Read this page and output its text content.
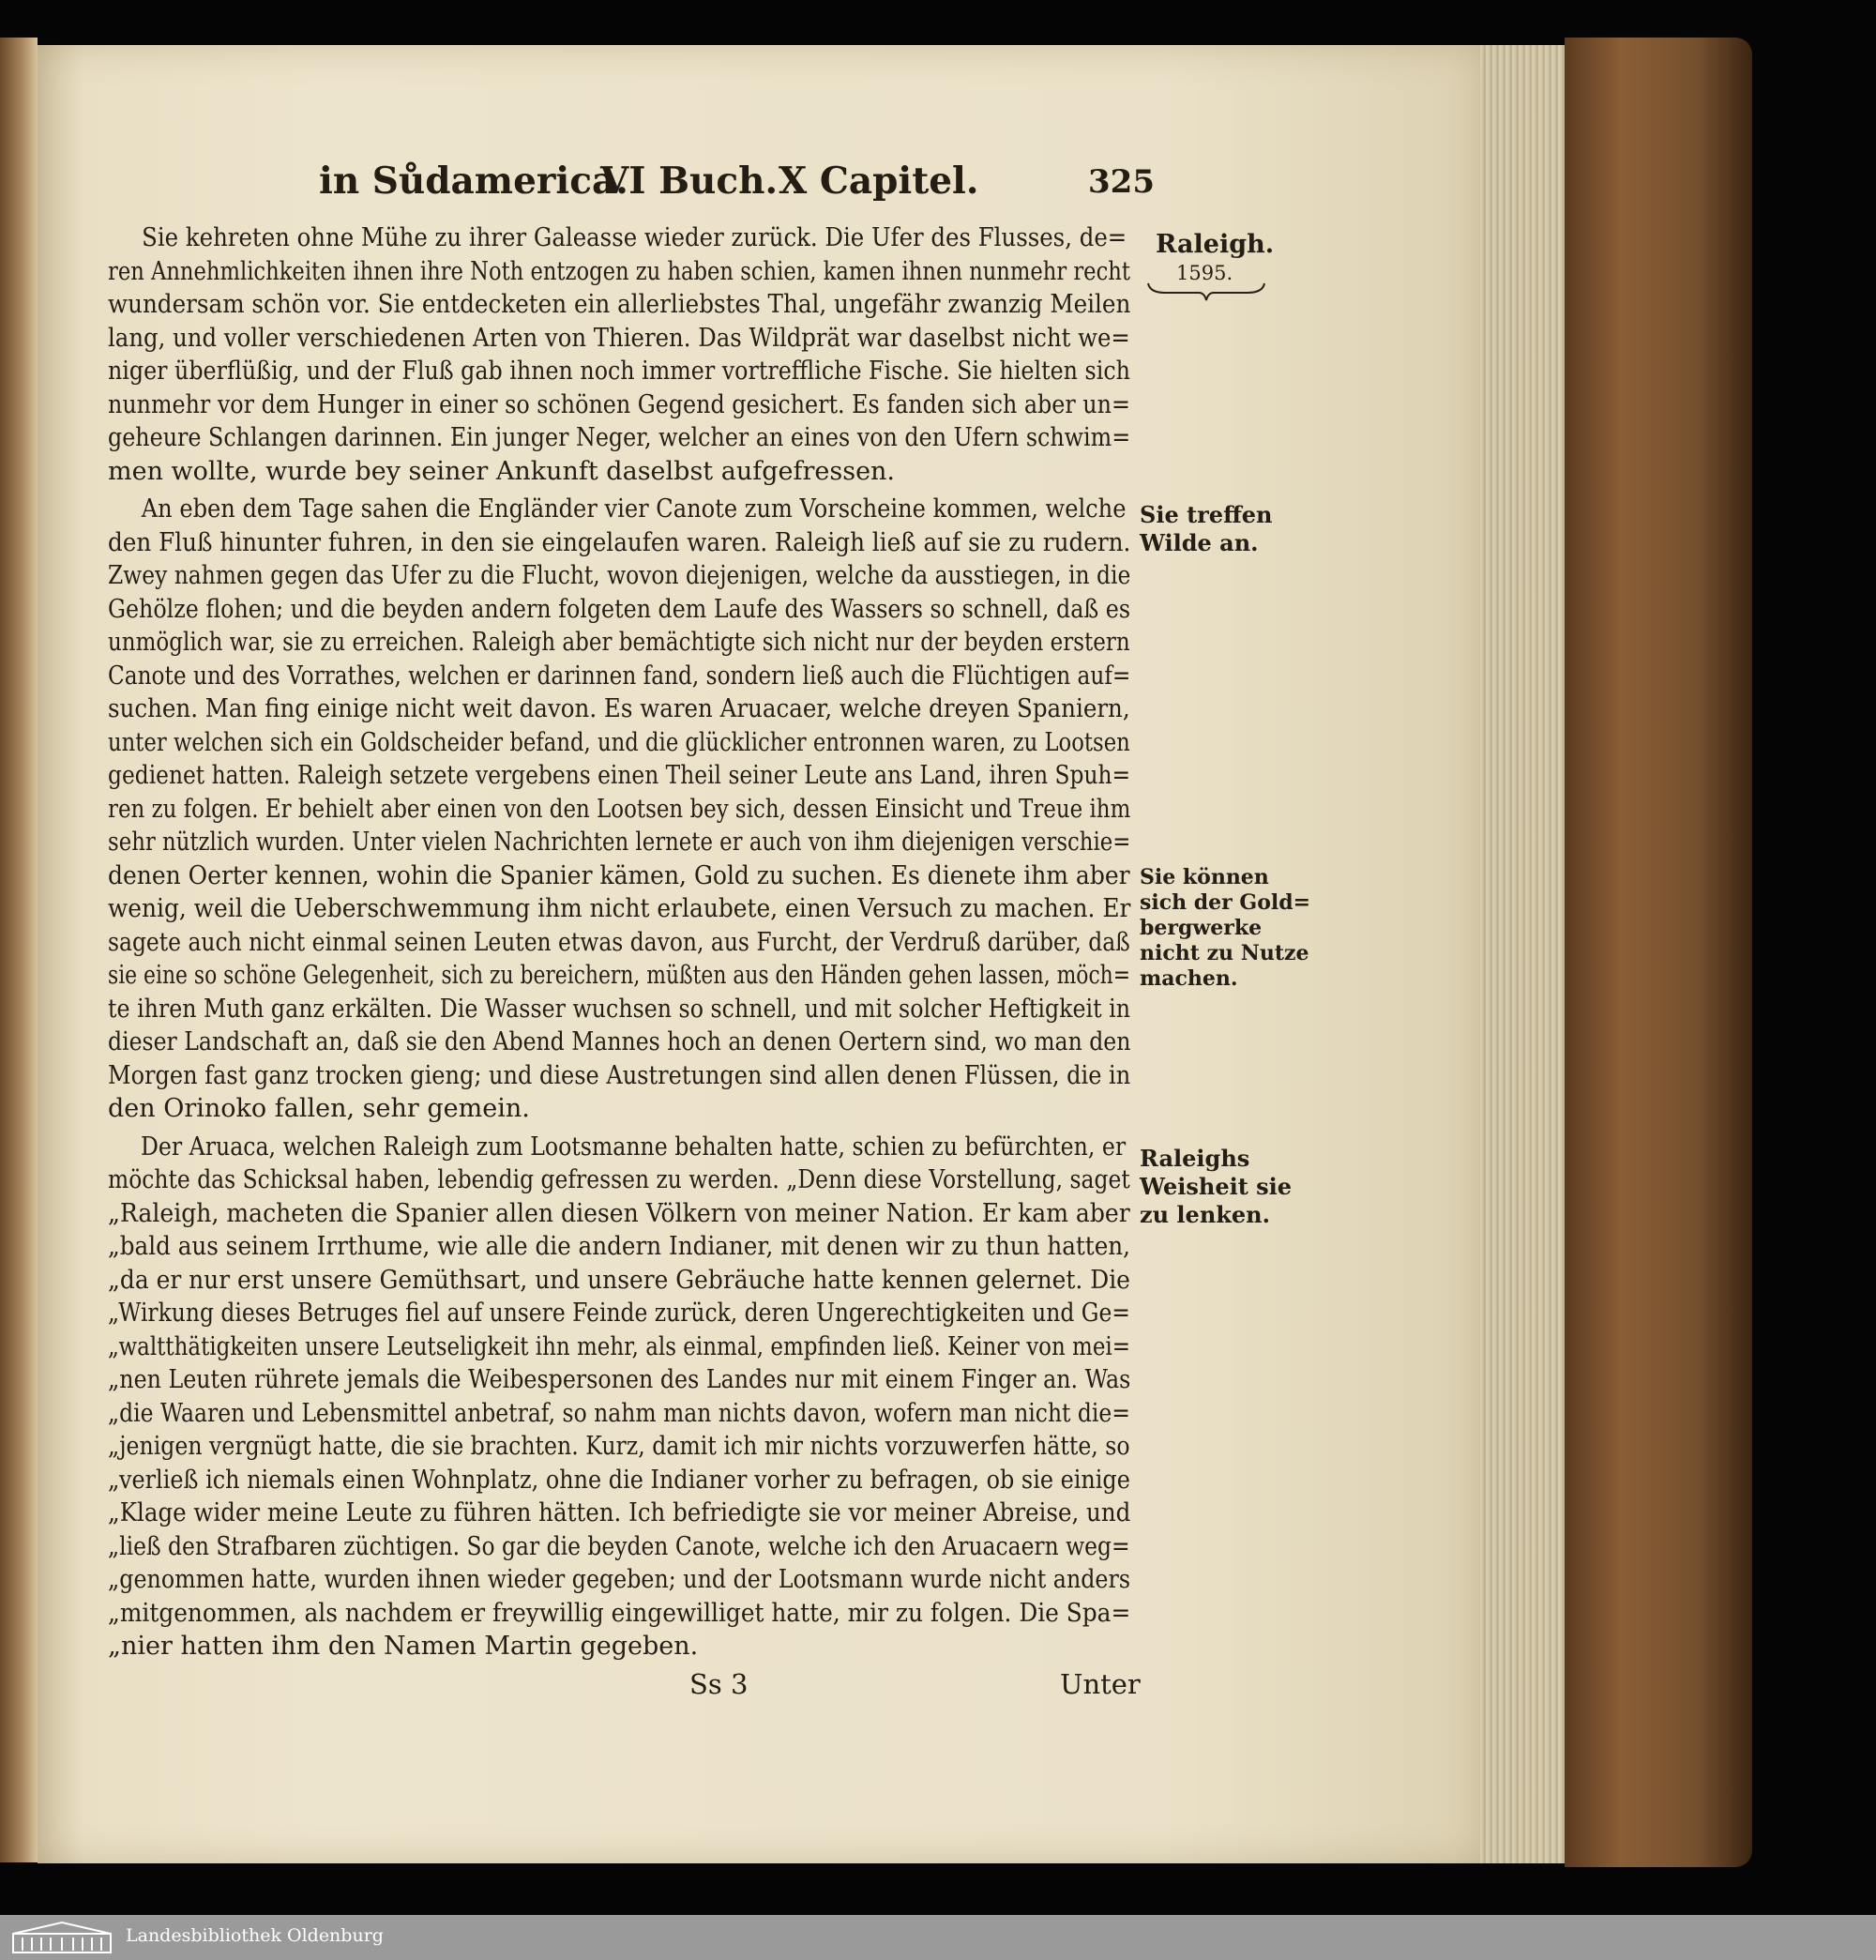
in Sůdamerica.
VI Buch. X Capitel.	325
Sie kehreten ohne Mühe zu ihrer Galeasse wieder zurück. Die Ufer des Flusses, de=
ren Annehmlichkeiten ihnen ihre Noth entzogen zu haben schien, kamen ihnen nunmehr recht
wundersam schön vor. Sie entdecketen ein allerliebstes Thal, ungefähr zwanzig Meilen
lang, und voller verschiedenen Arten von Thieren. Das Wildprät war daselbst nicht we=
niger überflüßig, und der Fluß gab ihnen noch immer vortreffliche Fische. Sie hielten sich
nunmehr vor dem Hunger in einer so schönen Gegend gesichert. Es fanden sich aber un=
geheure Schlangen darinnen. Ein junger Neger, welcher an eines von den Ufern schwim=
men wollte, wurde bey seiner Ankunft daselbst aufgefressen.
An eben dem Tage sahen die Engländer vier Canote zum Vorscheine kommen, welche
den Fluß hinunter fuhren, in den sie eingelaufen waren. Raleigh ließ auf sie zu rudern.
Zwey nahmen gegen das Ufer zu die Flucht, wovon diejenigen, welche da ausstiegen, in die
Gehölze flohen; und die beyden andern folgeten dem Laufe des Wassers so schnell, daß es
unmöglich war, sie zu erreichen. Raleigh aber bemächtigte sich nicht nur der beyden erstern
Canote und des Vorrathes, welchen er darinnen fand, sondern ließ auch die Flüchtigen auf=
suchen. Man fing einige nicht weit davon. Es waren Aruacaer, welche dreyen Spaniern,
unter welchen sich ein Goldscheider befand, und die glücklicher entronnen waren, zu Lootsen
gedienet hatten. Raleigh setzete vergebens einen Theil seiner Leute ans Land, ihren Spuh=
ren zu folgen. Er behielt aber einen von den Lootsen bey sich, dessen Einsicht und Treue ihm
sehr nützlich wurden. Unter vielen Nachrichten lernete er auch von ihm diejenigen verschie=
denen Oerter kennen, wohin die Spanier kämen, Gold zu suchen. Es dienete ihm aber
wenig, weil die Ueberschwemmung ihm nicht erlaubete, einen Versuch zu machen. Er
sagete auch nicht einmal seinen Leuten etwas davon, aus Furcht, der Verdruß darüber, daß
sie eine so schöne Gelegenheit, sich zu bereichern, müßten aus den Händen gehen lassen, möch=
te ihren Muth ganz erkälten. Die Wasser wuchsen so schnell, und mit solcher Heftigkeit in
dieser Landschaft an, daß sie den Abend Mannes hoch an denen Oertern sind, wo man den
Morgen fast ganz trocken gieng; und diese Austretungen sind allen denen Flüssen, die in
den Orinoko fallen, sehr gemein.
Der Aruaca, welchen Raleigh zum Lootsmanne behalten hatte, schien zu befürchten, er
möchte das Schicksal haben, lebendig gefressen zu werden. „Denn diese Vorstellung, saget
„Raleigh, macheten die Spanier allen diesen Völkern von meiner Nation. Er kam aber
„bald aus seinem Irrthume, wie alle die andern Indianer, mit denen wir zu thun hatten,
„da er nur erst unsere Gemüthsart, und unsere Gebräuche hatte kennen gelernet. Die
„Wirkung dieses Betruges fiel auf unsere Feinde zurück, deren Ungerechtigkeiten und Ge=
„waltthätigkeiten unsere Leutseligkeit ihn mehr, als einmal, empfinden ließ. Keiner von mei=
„nen Leuten rührete jemals die Weibespersonen des Landes nur mit einem Finger an. Was
„die Waaren und Lebensmittel anbetraf, so nahm man nichts davon, wofern man nicht die=
„jenigen vergnügt hatte, die sie brachten. Kurz, damit ich mir nichts vorzuwerfen hätte, so
„verließ ich niemals einen Wohnplatz, ohne die Indianer vorher zu befragen, ob sie einige
„Klage wider meine Leute zu führen hätten. Ich befriedigte sie vor meiner Abreise, und
„ließ den Strafbaren züchtigen. So gar die beyden Canote, welche ich den Aruacaern weg=
„genommen hatte, wurden ihnen wieder gegeben; und der Lootsmann wurde nicht anders
„mitgenommen, als nachdem er freywillig eingewilliget hatte, mir zu folgen. Die Spa=
„nier hatten ihm den Namen Martin gegeben.
Raleigh.
1595.
Sie treffen
Wilde an.
Sie können
sich der Gold=
bergwerke
nicht zu Nutze
machen.
Raleighs
Weisheit sie
zu lenken.
Ss 3	Unter
Landesbibliothek Oldenburg
